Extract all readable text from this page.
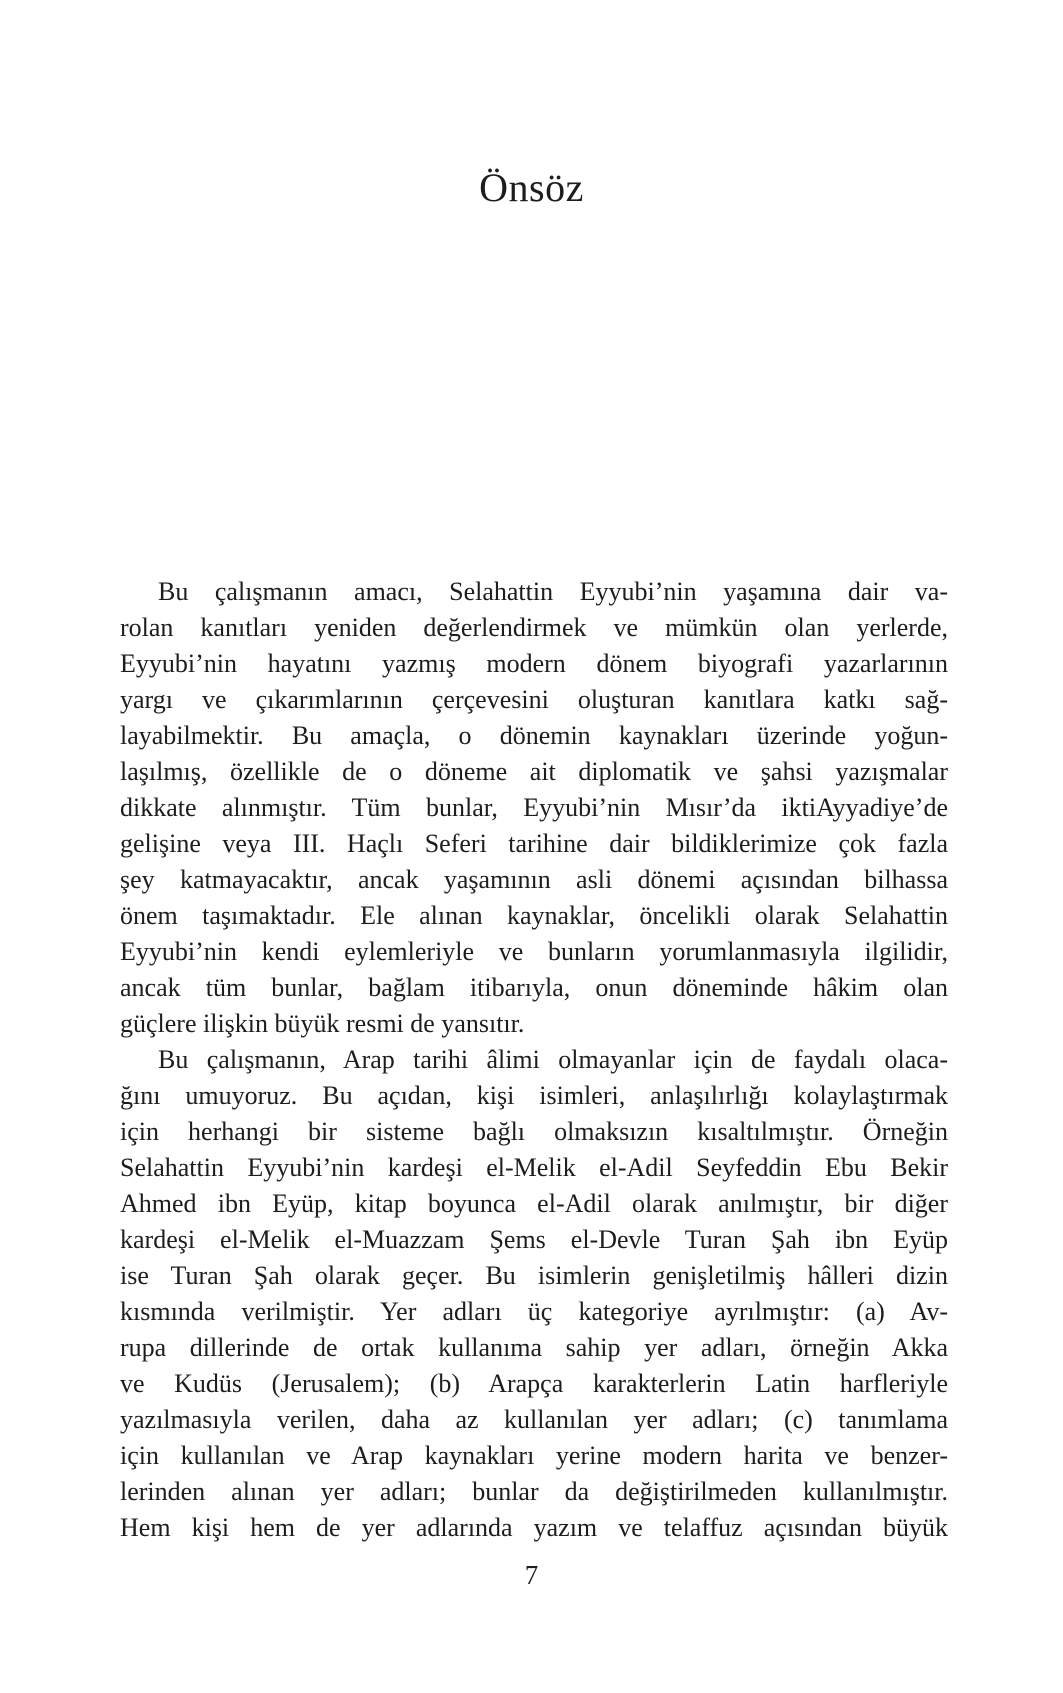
Önsöz
Bu çalışmanın amacı, Selahattin Eyyubi’nin yaşamına dair va-
rolan kanıtları yeniden değerlendirmek ve mümkün olan yerlerde,
Eyyubi’nin hayatını yazmış modern dönem biyografi yazarlarının
yargı ve çıkarımlarının çerçevesini oluşturan kanıtlara katkı sağ-
layabilmektir. Bu amaçla, o dönemin kaynakları üzerinde yoğun-
laşılmış, özellikle de o döneme ait diplomatik ve şahsi yazışmalar
dikkate alınmıştır. Tüm bunlar, Eyyubi’nin Mısır’da iktiAyyadiye’de
gelişine veya III. Haçlı Seferi tarihine dair bildiklerimize çok fazla
şey katmayacaktır, ancak yaşamının asli dönemi açısından bilhassa
önem taşımaktadır. Ele alınan kaynaklar, öncelikli olarak Selahattin
Eyyubi’nin kendi eylemleriyle ve bunların yorumlanmasıyla ilgilidir,
ancak tüm bunlar, bağlam itibarıyla, onun döneminde hâkim olan
güçlere ilişkin büyük resmi de yansıtır.
Bu çalışmanın, Arap tarihi âlimi olmayanlar için de faydalı olaca-
ğını umuyoruz. Bu açıdan, kişi isimleri, anlaşılırlığı kolaylaştırmak
için herhangi bir sisteme bağlı olmaksızın kısaltılmıştır. Örneğin
Selahattin Eyyubi’nin kardeşi el-Melik el-Adil Seyfeddin Ebu Bekir
Ahmed ibn Eyüp, kitap boyunca el-Adil olarak anılmıştır, bir diğer
kardeşi el-Melik el-Muazzam Şems el-Devle Turan Şah ibn Eyüp
ise Turan Şah olarak geçer. Bu isimlerin genişletilmiş hâlleri dizin
kısmında verilmiştir. Yer adları üç kategoriye ayrılmıştır: (a) Av-
rupa dillerinde de ortak kullanıma sahip yer adları, örneğin Akka
ve Kudüs (Jerusalem); (b) Arapça karakterlerin Latin harfleriyle
yazılmasıyla verilen, daha az kullanılan yer adları; (c) tanımlama
için kullanılan ve Arap kaynakları yerine modern harita ve benzer-
lerinden alınan yer adları; bunlar da değiştirilmeden kullanılmıştır.
Hem kişi hem de yer adlarında yazım ve telaffuz açısından büyük
7
